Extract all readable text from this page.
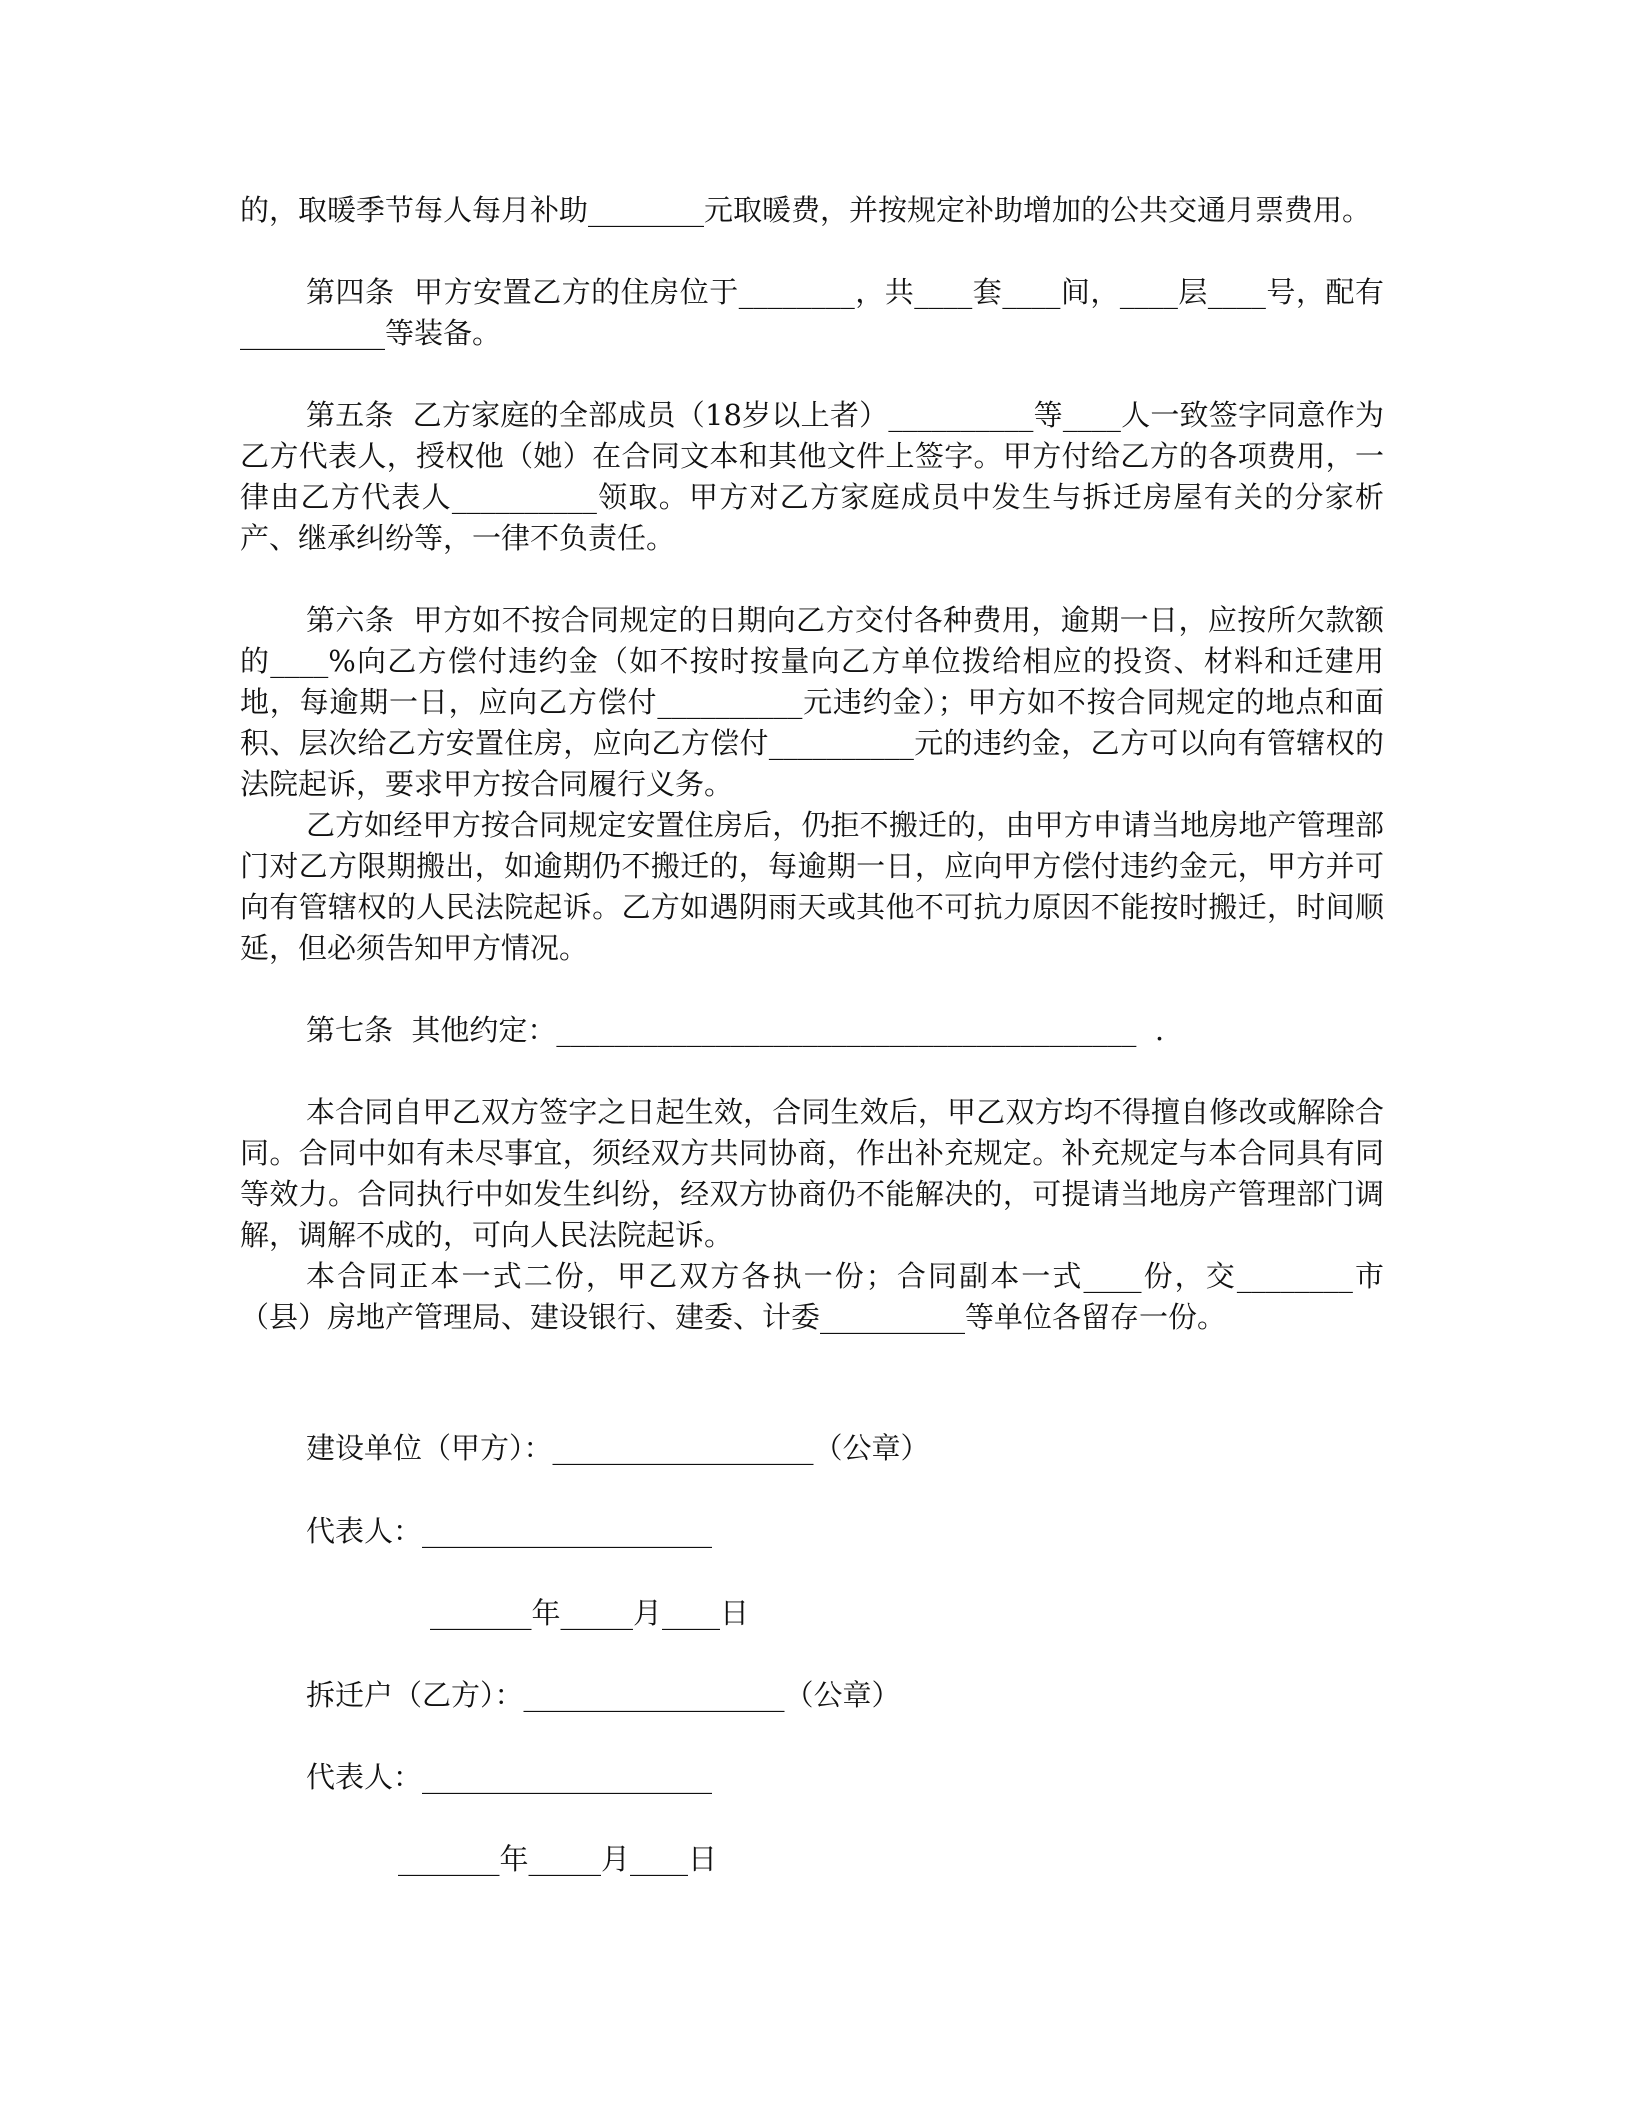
的，取暖季节每人每月补助________元取暖费，并按规定补助增加的公共交通月票费用。

第四条  甲方安置乙方的住房位于________，共____套____间，____层____号，配有__________等装备。

第五条  乙方家庭的全部成员（18岁以上者）__________等____人一致签字同意作为乙方代表人，授权他（她）在合同文本和其他文件上签字。甲方付给乙方的各项费用，一律由乙方代表人__________领取。甲方对乙方家庭成员中发生与拆迁房屋有关的分家析产、继承纠纷等，一律不负责任。

第六条  甲方如不按合同规定的日期向乙方交付各种费用，逾期一日，应按所欠款额的____%向乙方偿付违约金（如不按时按量向乙方单位拨给相应的投资、材料和迁建用地，每逾期一日，应向乙方偿付__________元违约金）；甲方如不按合同规定的地点和面积、层次给乙方安置住房，应向乙方偿付__________元的违约金，乙方可以向有管辖权的法院起诉，要求甲方按合同履行义务。

乙方如经甲方按合同规定安置住房后，仍拒不搬迁的，由甲方申请当地房地产管理部门对乙方限期搬出，如逾期仍不搬迁的，每逾期一日，应向甲方偿付违约金元，甲方并可向有管辖权的人民法院起诉。乙方如遇阴雨天或其他不可抗力原因不能按时搬迁，时间顺延，但必须告知甲方情况。

第七条  其他约定：________________________________________  .

本合同自甲乙双方签字之日起生效，合同生效后，甲乙双方均不得擅自修改或解除合同。合同中如有未尽事宜，须经双方共同协商，作出补充规定。补充规定与本合同具有同等效力。合同执行中如发生纠纷，经双方协商仍不能解决的，可提请当地房产管理部门调解，调解不成的，可向人民法院起诉。

本合同正本一式二份，甲乙双方各执一份；合同副本一式____份，交________市（县）房地产管理局、建设银行、建委、计委__________等单位各留存一份。

建设单位（甲方）：__________________（公章）
代表人：____________________
_______年_____月____日
拆迁户（乙方）：__________________（公章）
代表人：____________________
_______年_____月____日
